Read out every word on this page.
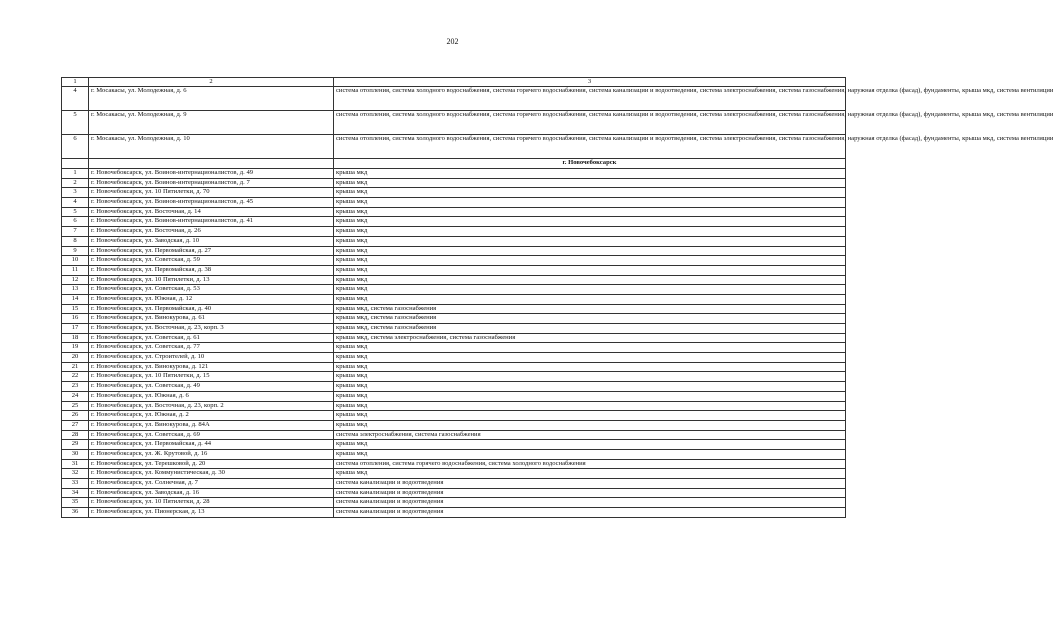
202
1	2	3
4	г. Мосакасы, ул. Молодежная, д. 6	система отопления, система холодного водоснабжения, система горячего водоснабжения, система канализации и водоотведения, система электроснабжения, система газоснабжения, наружная отделка (фасад), фундаменты, крыша мкд, система вентиляции
5	г. Мосакасы, ул. Молодежная, д. 9	система отопления, система холодного водоснабжения, система горячего водоснабжения, система канализации и водоотведения, система электроснабжения, система газоснабжения, наружная отделка (фасад), фундаменты, крыша мкд, система вентиляции
6	г. Мосакасы, ул. Молодежная, д. 10	система отопления, система холодного водоснабжения, система горячего водоснабжения, система канализации и водоотведения, система электроснабжения, система газоснабжения, наружная отделка (фасад), фундаменты, крыша мкд, система вентиляции
		г. Новочебоксарск
1	г. Новочебоксарск, ул. Воинов-интернационалистов, д. 49	крыша мкд
2	г. Новочебоксарск, ул. Воинов-интернационалистов, д. 7	крыша мкд
3	г. Новочебоксарск, ул. 10 Пятилетки, д. 70	крыша мкд
4	г. Новочебоксарск, ул. Воинов-интернационалистов, д. 45	крыша мкд
5	г. Новочебоксарск, ул. Восточная, д. 14	крыша мкд
6	г. Новочебоксарск, ул. Воинов-интернационалистов, д. 41	крыша мкд
7	г. Новочебоксарск, ул. Восточная, д. 26	крыша мкд
8	г. Новочебоксарск, ул. Заводская, д. 10	крыша мкд
9	г. Новочебоксарск, ул. Первомайская, д. 27	крыша мкд
10	г. Новочебоксарск, ул. Советская, д. 59	крыша мкд
11	г. Новочебоксарск, ул. Первомайская, д. 38	крыша мкд
12	г. Новочебоксарск, ул. 10 Пятилетки, д. 13	крыша мкд
13	г. Новочебоксарск, ул. Советская, д. 53	крыша мкд
14	г. Новочебоксарск, ул. Южная, д. 12	крыша мкд
15	г. Новочебоксарск, ул. Первомайская, д. 40	крыша мкд, система газоснабжения
16	г. Новочебоксарск, ул. Винокурова, д. 61	крыша мкд, система газоснабжения
17	г. Новочебоксарск, ул. Восточная, д. 23, корп. 3	крыша мкд, система газоснабжения
18	г. Новочебоксарск, ул. Советская, д. 61	крыша мкд, система электроснабжения, система газоснабжения
19	г. Новочебоксарск, ул. Советская, д. 77	крыша мкд
20	г. Новочебоксарск, ул. Строителей, д. 10	крыша мкд
21	г. Новочебоксарск, ул. Винокурова, д. 121	крыша мкд
22	г. Новочебоксарск, ул. 10 Пятилетки, д. 15	крыша мкд
23	г. Новочебоксарск, ул. Советская, д. 49	крыша мкд
24	г. Новочебоксарск, ул. Южная, д. 6	крыша мкд
25	г. Новочебоксарск, ул. Восточная, д. 23, корп. 2	крыша мкд
26	г. Новочебоксарск, ул. Южная, д. 2	крыша мкд
27	г. Новочебоксарск, ул. Винокурова, д. 84А	крыша мкд
28	г. Новочебоксарск, ул. Советская, д. 69	система электроснабжения, система газоснабжения
29	г. Новочебоксарск, ул. Первомайская, д. 44	крыша мкд
30	г. Новочебоксарск, ул. Ж. Крутовой, д. 16	крыша мкд
31	г. Новочебоксарск, ул. Терешковой, д. 20	система отопления, система горячего водоснабжения, система холодного водоснабжения
32	г. Новочебоксарск, ул. Коммунистическая, д. 30	крыша мкд
33	г. Новочебоксарск, ул. Солнечная, д. 7	система канализации и водоотведения
34	г. Новочебоксарск, ул. Заводская, д. 16	система канализации и водоотведения
35	г. Новочебоксарск, ул. 10 Пятилетки, д. 28	система канализации и водоотведения
36	г. Новочебоксарск, ул. Пионерская, д. 13	система канализации и водоотведения
